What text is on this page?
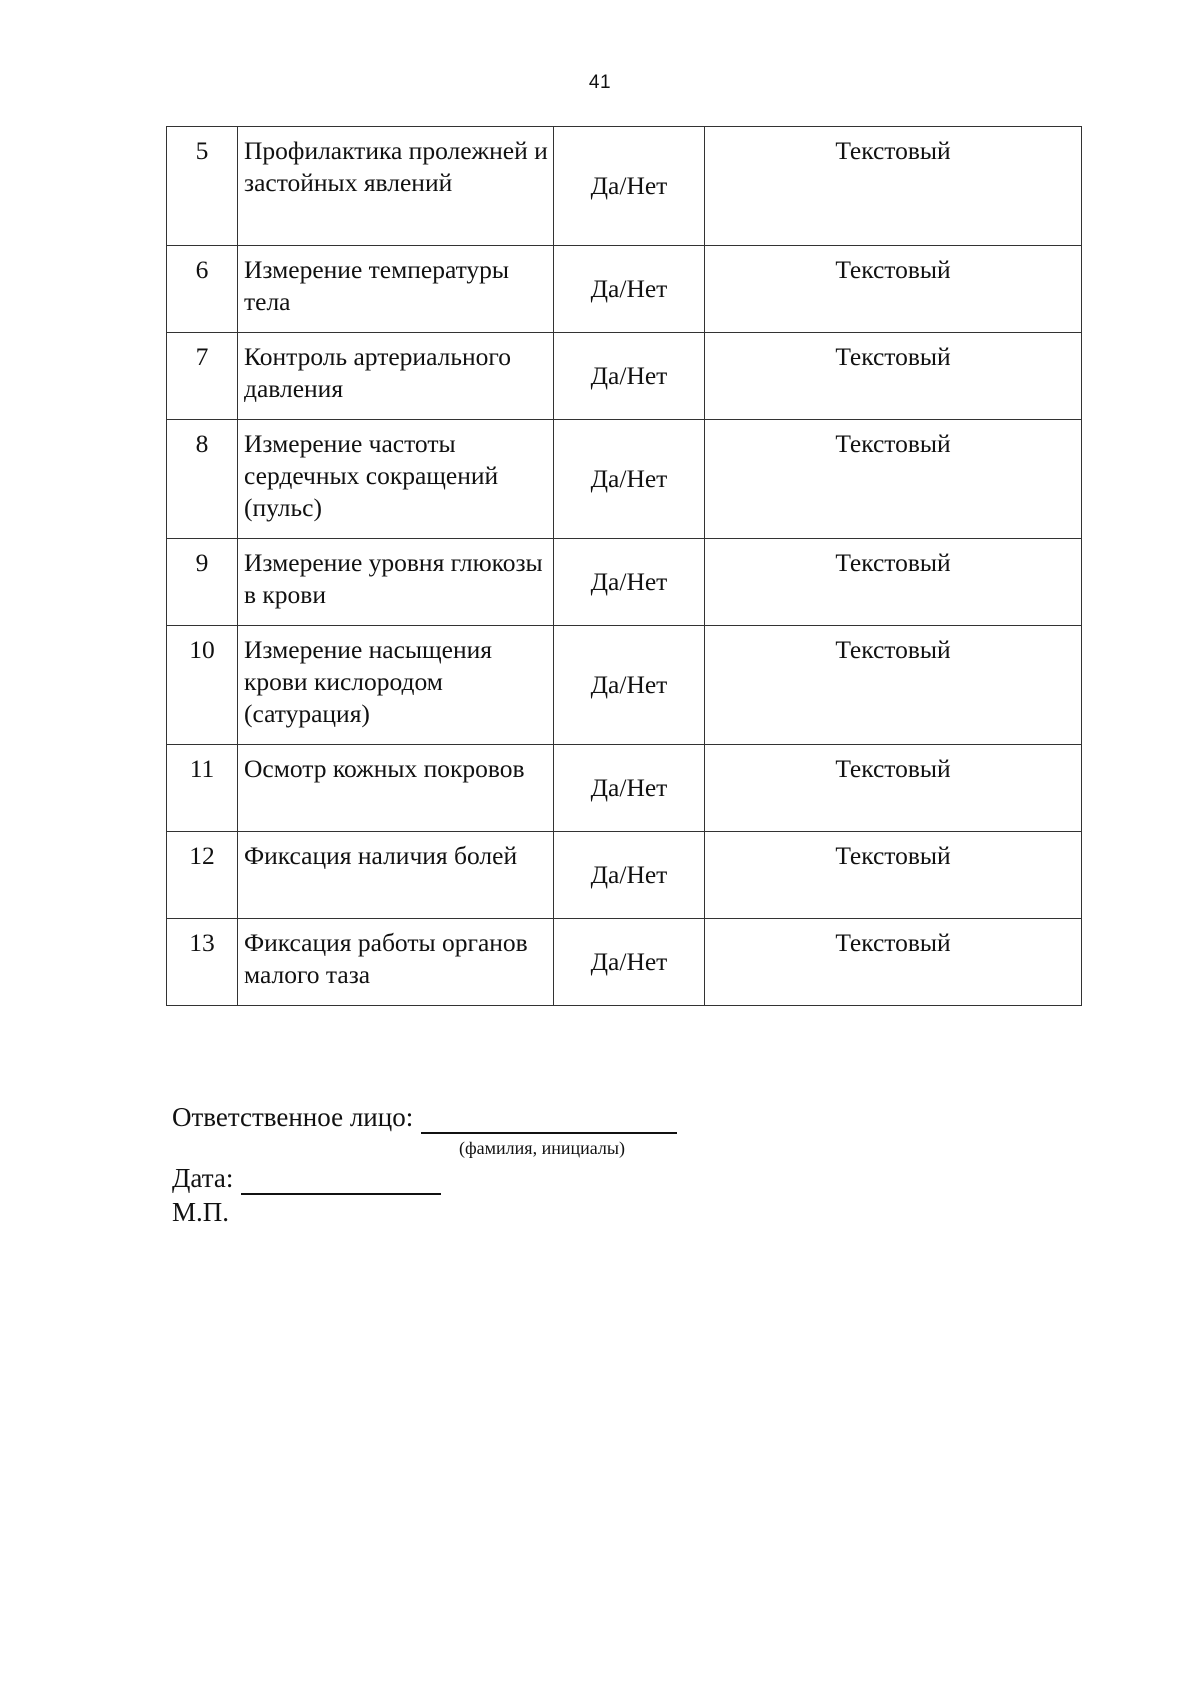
41
5	Профилактика пролежней и застойных явлений	Да/Нет	Текстовый
6	Измерение температуры тела	Да/Нет	Текстовый
7	Контроль артериального давления	Да/Нет	Текстовый
8	Измерение частоты сердечных сокращений (пульс)	Да/Нет	Текстовый
9	Измерение уровня глюкозы в крови	Да/Нет	Текстовый
10	Измерение насыщения крови кислородом (сатурация)	Да/Нет	Текстовый
11	Осмотр кожных покровов	Да/Нет	Текстовый
12	Фиксация наличия болей	Да/Нет	Текстовый
13	Фиксация работы органов малого таза	Да/Нет	Текстовый
Ответственное лицо:
(фамилия, инициалы)
Дата:
М.П.
